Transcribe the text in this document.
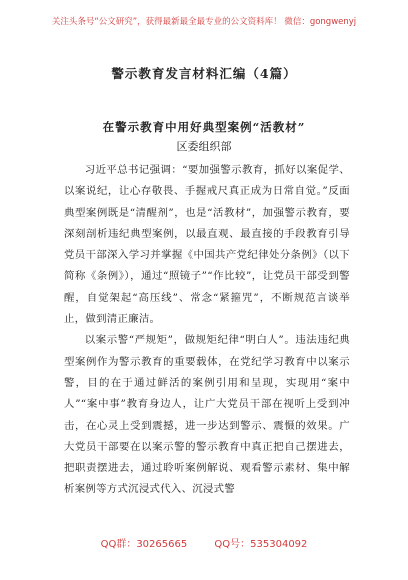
关注头条号“公文研究”，获得最新最全最专业的公文资料库！ 微信：gongwenyj
警示教育发言材料汇编（4篇）
在警示教育中用好典型案例“活教材”
区委组织部

习近平总书记强调：“要加强警示教育，抓好以案促学、以案说纪，让心存敬畏、手握戒尺真正成为日常自觉。”反面典型案例既是“清醒剂”，也是“活教材”，加强警示教育，要深刻剖析违纪典型案例，以最直观、最直接的手段教育引导党员干部深入学习并掌握《中国共产党纪律处分条例》（以下简称《条例》），通过“照镜子”“作比较”，让党员干部受到警醒，自觉架起“高压线”、常念“紧箍咒”，不断规范言谈举止，做到清正廉洁。

以案示警“严规矩”，做规矩纪律“明白人”。违法违纪典型案例作为警示教育的重要载体，在党纪学习教育中以案示警，目的在于通过鲜活的案例引用和呈现，实现用“案中人”“案中事”教育身边人，让广大党员干部在视听上受到冲击，在心灵上受到震撼，进一步达到警示、震慑的效果。广大党员干部要在以案示警的警示教育中真正把自己摆进去，把职责摆进去，通过聆听案例解说、观看警示素材、集中解析案例等方式沉浸式代入、沉浸式警

QQ群：30265665	QQ号：535304092
